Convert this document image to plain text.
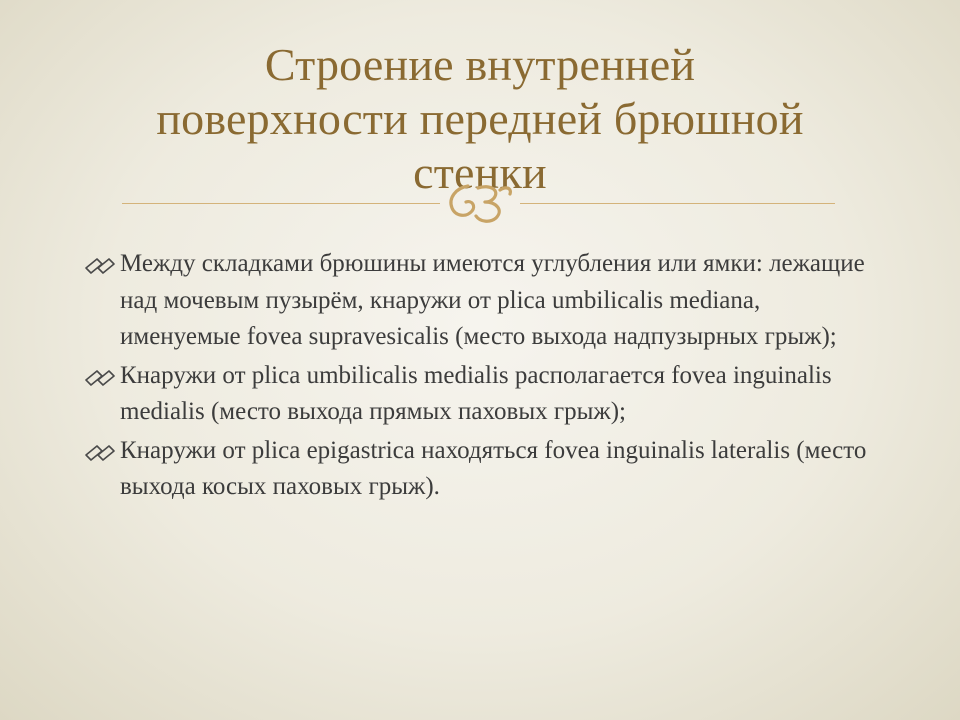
Строение внутренней
поверхности передней брюшной
стенки
Между складками брюшины имеются углубления или ямки: лежащие над мочевым пузырём, кнаружи от plica umbilicalis mediana, именуемые fovea supravesicalis (место выхода надпузырных грыж);
Кнаружи от plica umbilicalis medialis располагается fovea inguinalis medialis (место выхода прямых паховых грыж);
Кнаружи от plica epigastrica находяться fovea inguinalis lateralis (место выхода косых паховых грыж).
